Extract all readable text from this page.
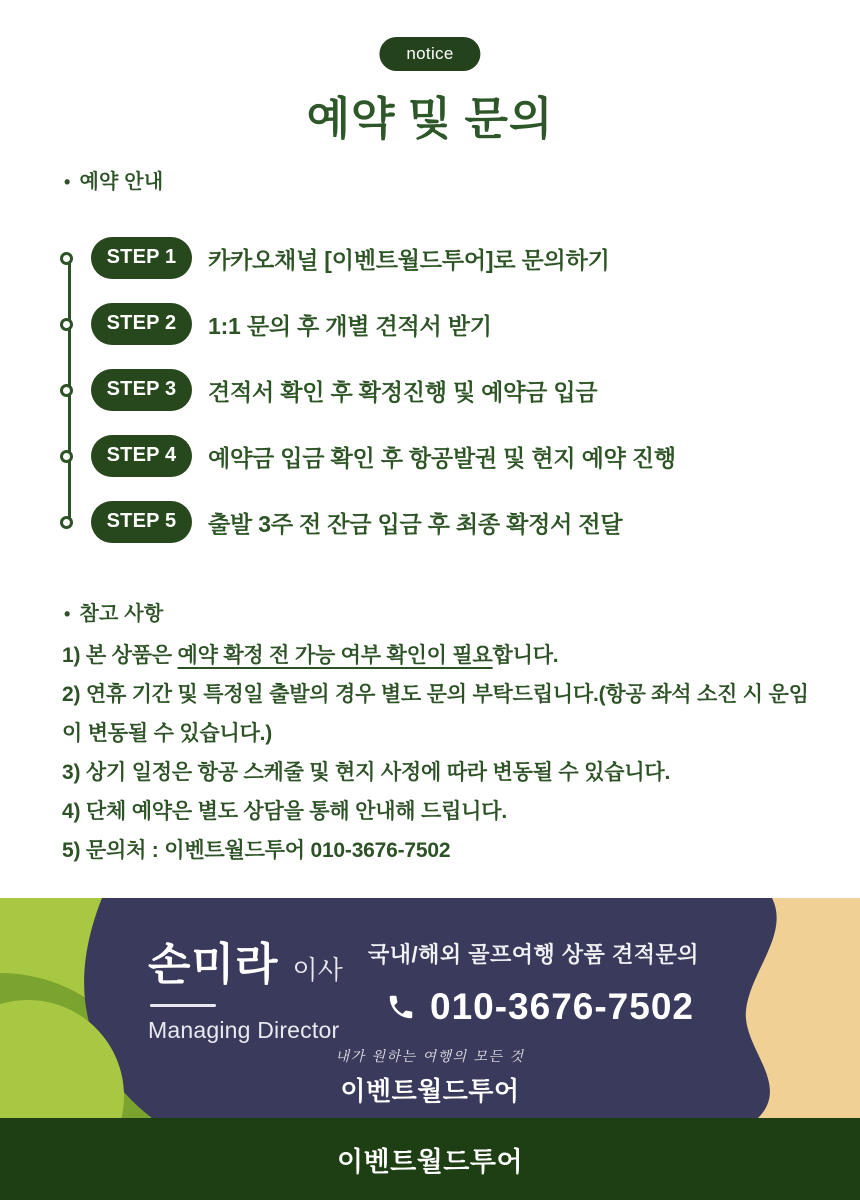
notice
예약 및 문의
• 예약 안내
STEP 1	카카오채널 [이벤트월드투어]로 문의하기
STEP 2	1:1 문의 후 개별 견적서 받기
STEP 3	견적서 확인 후 확정진행 및 예약금 입금
STEP 4	예약금 입금 확인 후 항공발권 및 현지 예약 진행
STEP 5	출발 3주 전 잔금 입금 후 최종 확정서 전달
• 참고 사항
1) 본 상품은 예약 확정 전 가능 여부 확인이 필요합니다.
2) 연휴 기간 및 특정일 출발의 경우 별도 문의 부탁드립니다.(항공 좌석 소진 시 운임이 변동될 수 있습니다.)
3) 상기 일정은 항공 스케줄 및 현지 사정에 따라 변동될 수 있습니다.
4) 단체 예약은 별도 상담을 통해 안내해 드립니다.
5) 문의처 : 이벤트월드투어 010-3676-7502
손미라 이사
Managing Director
국내/해외 골프여행 상품 견적문의
010-3676-7502
내가 원하는 여행의 모든 것
이벤트월드투어
이벤트월드투어
